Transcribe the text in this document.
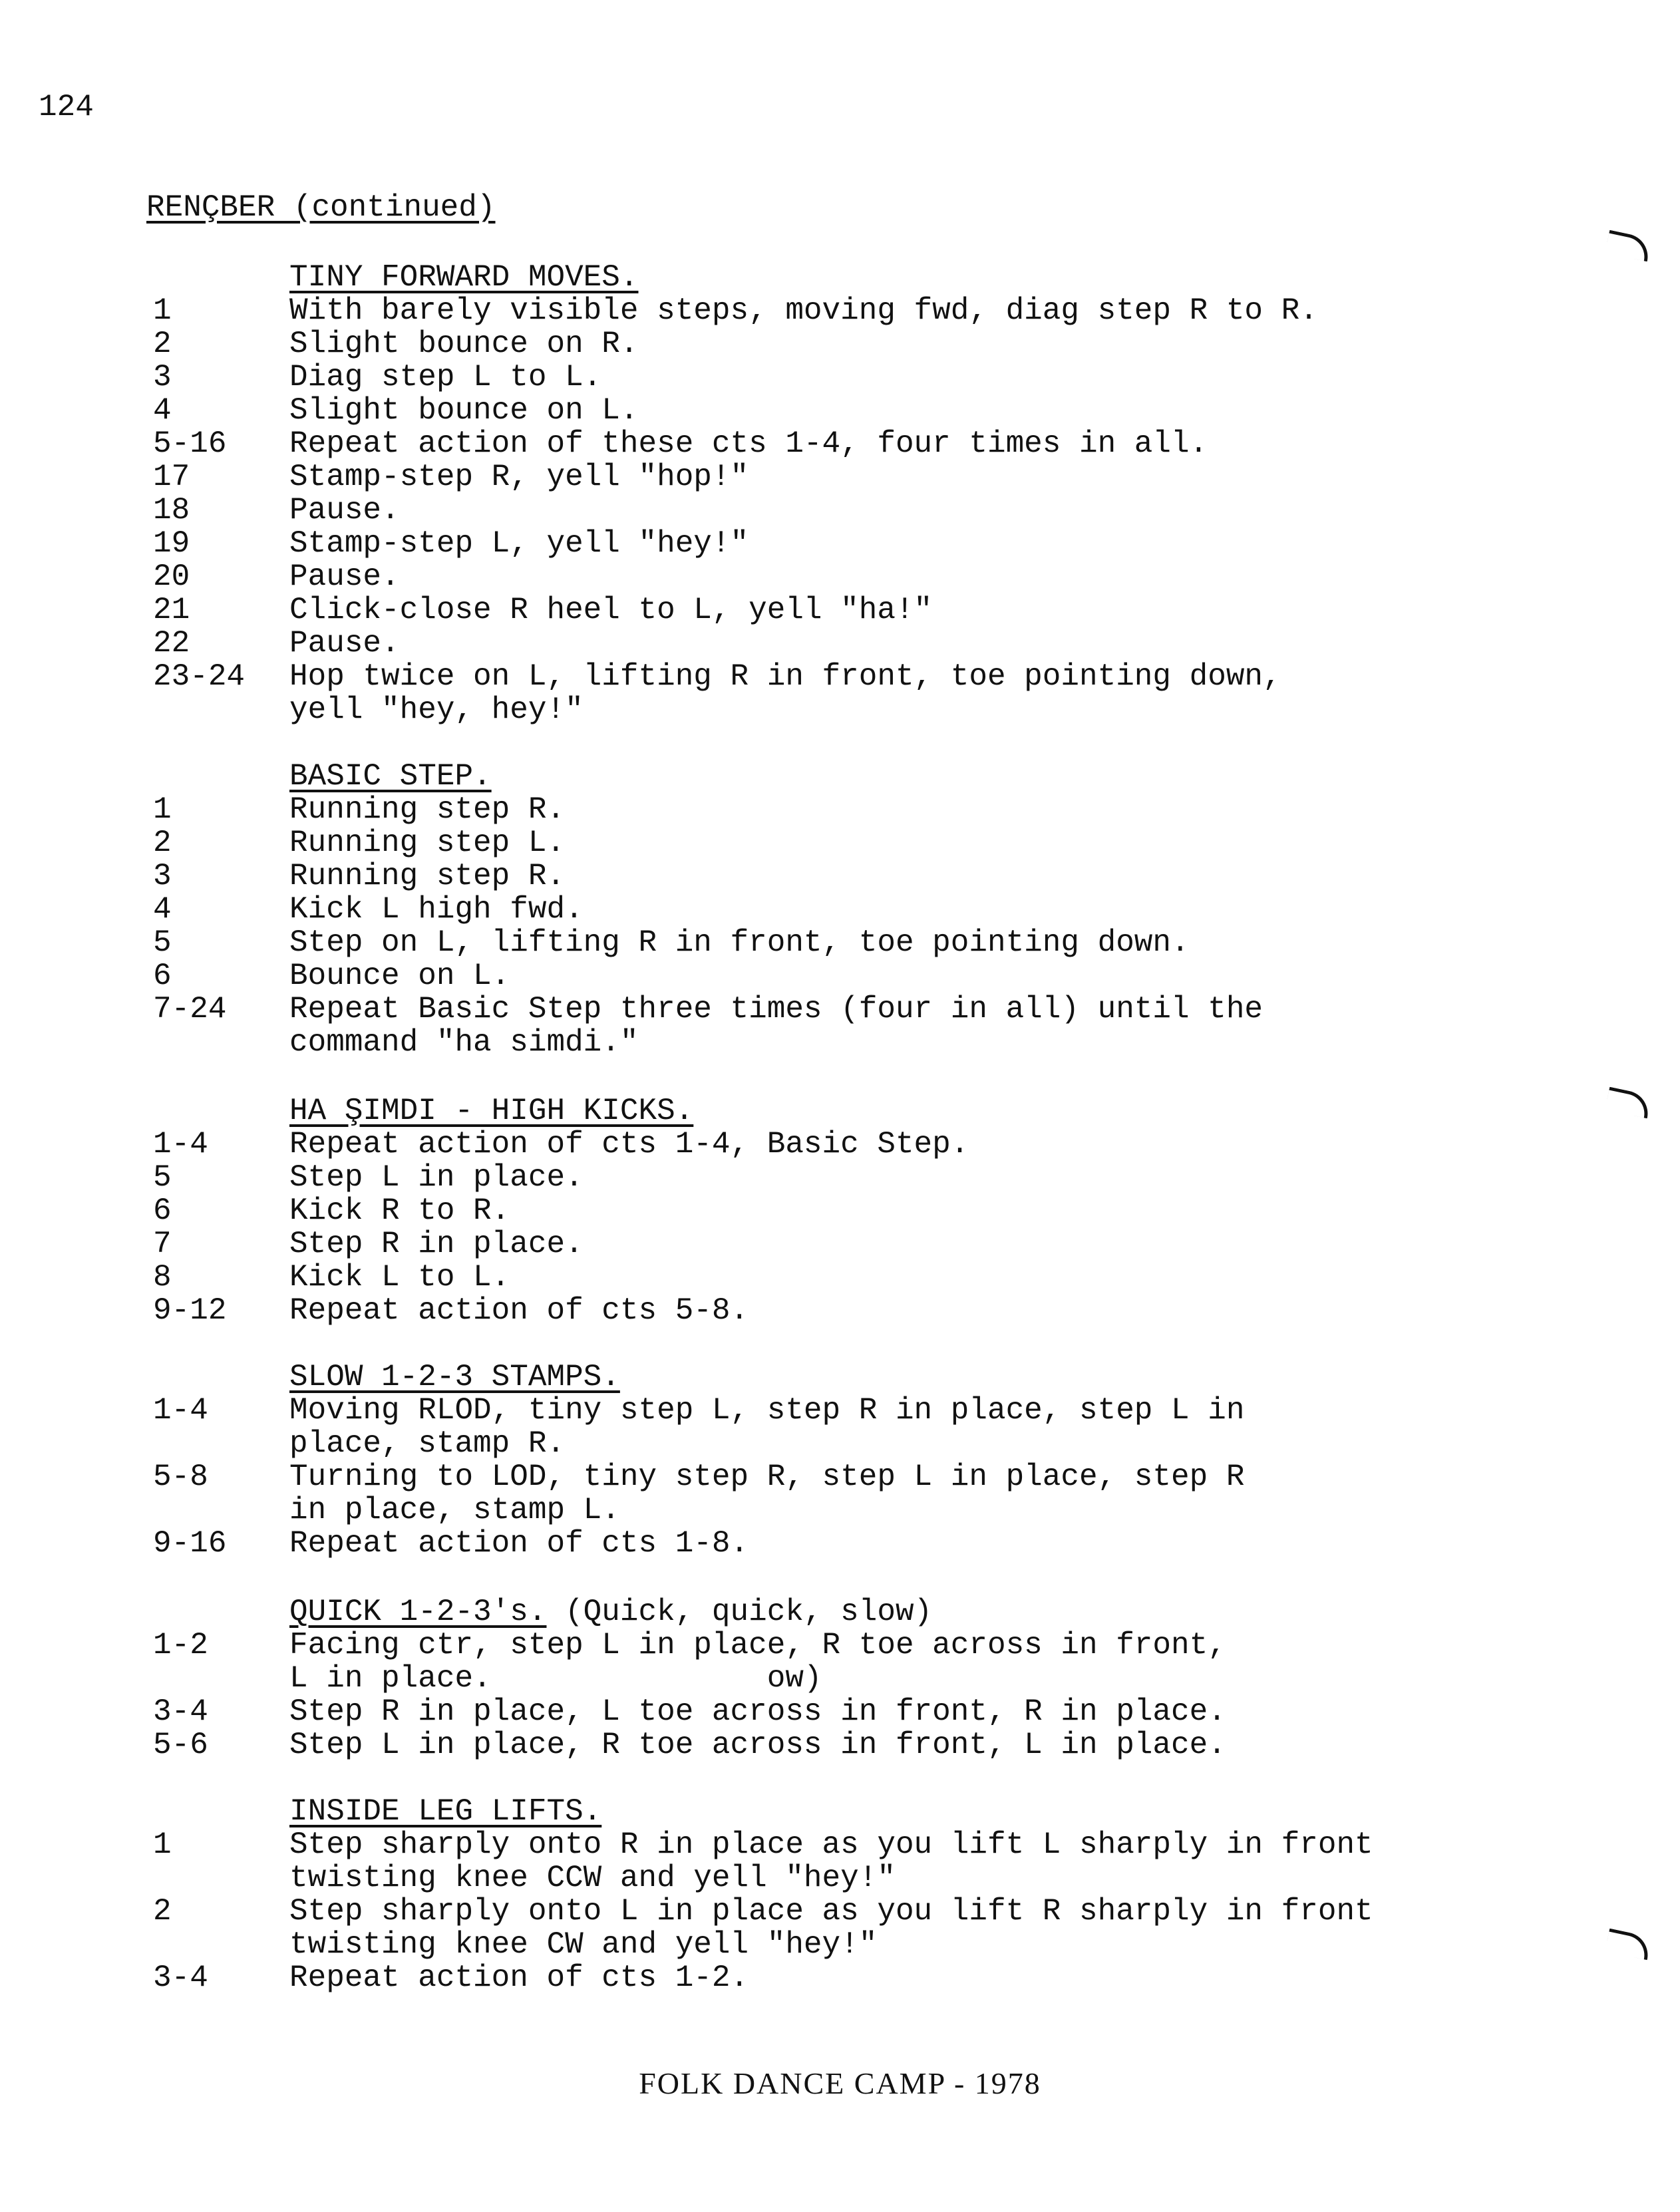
124
RENÇBER (continued)
TINY FORWARD MOVES.
1	With barely visible steps, moving fwd, diag step R to R.
2	Slight bounce on R.
3	Diag step L to L.
4	Slight bounce on L.
5-16	Repeat action of these cts 1-4, four times in all.
17	Stamp-step R, yell "hop!"
18	Pause.
19	Stamp-step L, yell "hey!"
20	Pause.
21	Click-close R heel to L, yell "ha!"
22	Pause.
23-24	Hop twice on L, lifting R in front, toe pointing down,
yell "hey, hey!"
BASIC STEP.
1	Running step R.
2	Running step L.
3	Running step R.
4	Kick L high fwd.
5	Step on L, lifting R in front, toe pointing down.
6	Bounce on L.
7-24	Repeat Basic Step three times (four in all) until the
command "ha simdi."
HA ŞIMDI - HIGH KICKS.
1-4	Repeat action of cts 1-4, Basic Step.
5	Step L in place.
6	Kick R to R.
7	Step R in place.
8	Kick L to L.
9-12	Repeat action of cts 5-8.
SLOW 1-2-3 STAMPS.
1-4	Moving RLOD, tiny step L, step R in place, step L in
place, stamp R.
5-8	Turning to LOD, tiny step R, step L in place, step R
in place, stamp L.
9-16	Repeat action of cts 1-8.
QUICK 1-2-3's. (Quick, quick, slow)
1-2	Facing ctr, step L in place, R toe across in front,
L in place.               ow)
3-4	Step R in place, L toe across in front, R in place.
5-6	Step L in place, R toe across in front, L in place.
INSIDE LEG LIFTS.
1	Step sharply onto R in place as you lift L sharply in front
twisting knee CCW and yell "hey!"
2	Step sharply onto L in place as you lift R sharply in front
twisting knee CW and yell "hey!"
3-4	Repeat action of cts 1-2.
FOLK DANCE CAMP - 1978
